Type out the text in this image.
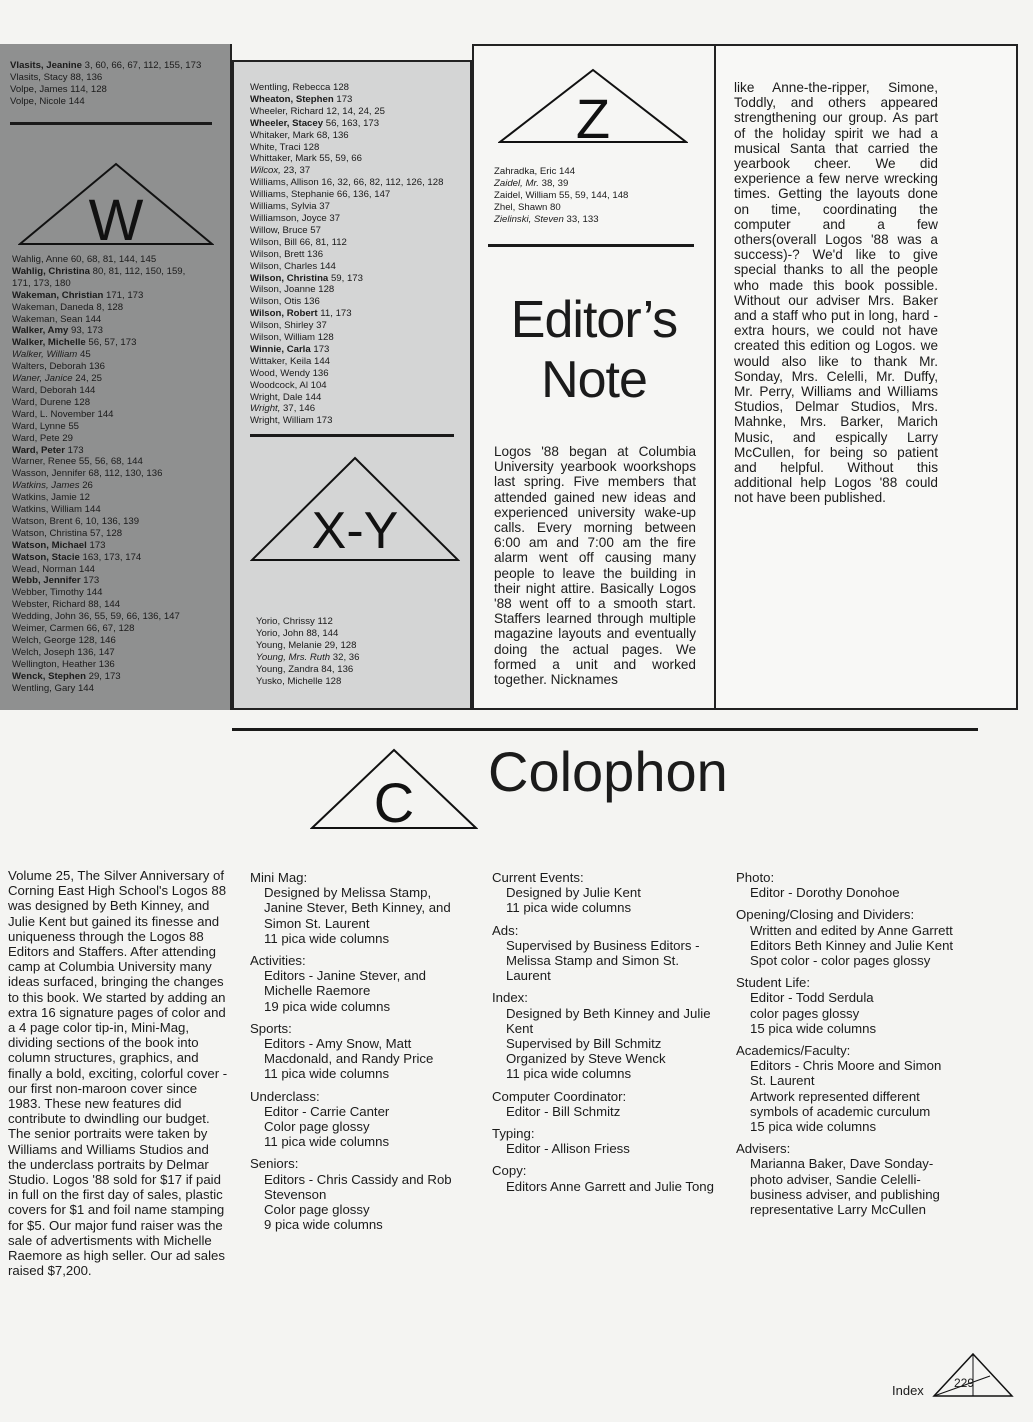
Vlasits, Jeanine 3, 60, 66, 67, 112, 155, 173
Vlasits, Stacy 88, 136
Volpe, James 114, 128
Volpe, Nicole 144
W
Wahlig, Anne 60, 68, 81, 144, 145
Wahlig, Christina 80, 81, 112, 150, 159,
171, 173, 180
Wakeman, Christian 171, 173
Wakeman, Daneda 8, 128
Wakeman, Sean 144
Walker, Amy 93, 173
Walker, Michelle 56, 57, 173
Walker, William 45
Walters, Deborah 136
Waner, Janice 24, 25
Ward, Deborah 144
Ward, Durene 128
Ward, L. November 144
Ward, Lynne 55
Ward, Pete 29
Ward, Peter 173
Warner, Renee 55, 56, 68, 144
Wasson, Jennifer 68, 112, 130, 136
Watkins, James 26
Watkins, Jamie 12
Watkins, William 144
Watson, Brent 6, 10, 136, 139
Watson, Christina 57, 128
Watson, Michael 173
Watson, Stacie 163, 173, 174
Wead, Norman 144
Webb, Jennifer 173
Webber, Timothy 144
Webster, Richard 88, 144
Wedding, John 36, 55, 59, 66, 136, 147
Weimer, Carmen 66, 67, 128
Welch, George 128, 146
Welch, Joseph 136, 147
Wellington, Heather 136
Wenck, Stephen 29, 173
Wentling, Gary 144
Wentling, Rebecca 128
Wheaton, Stephen 173
Wheeler, Richard 12, 14, 24, 25
Wheeler, Stacey 56, 163, 173
Whitaker, Mark 68, 136
White, Traci 128
Whittaker, Mark 55, 59, 66
Wilcox, 23, 37
Williams, Allison 16, 32, 66, 82, 112, 126, 128
Williams, Stephanie 66, 136, 147
Williams, Sylvia 37
Williamson, Joyce 37
Willow, Bruce 57
Wilson, Bill 66, 81, 112
Wilson, Brett 136
Wilson, Charles 144
Wilson, Christina 59, 173
Wilson, Joanne 128
Wilson, Otis 136
Wilson, Robert 11, 173
Wilson, Shirley 37
Wilson, William 128
Winnie, Carla 173
Wittaker, Keila 144
Wood, Wendy 136
Woodcock, Al 104
Wright, Dale 144
Wright, 37, 146
Wright, William 173
X-Y
Yorio, Chrissy 112
Yorio, John 88, 144
Young, Melanie 29, 128
Young, Mrs. Ruth 32, 36
Young, Zandra 84, 136
Yusko, Michelle 128
Z
Zahradka, Eric 144
Zaidel, Mr. 38, 39
Zaidel, William 55, 59, 144, 148
Zhel, Shawn 80
Zielinski, Steven 33, 133
Editor’s
Note

Logos '88 began at Columbia University yearbook woorkshops last spring. Five members that attended gained new ideas and experienced university wake-up calls. Every morning between 6:00 am and 7:00 am the fire alarm went off causing many people to leave the building in their night attire. Basically Logos '88 went off to a smooth start. Staffers learned through multiple magazine layouts and eventually doing the actual pages. We formed a unit and worked together. Nicknames

like Anne-the-ripper, Simone, Toddly, and others appeared strengthening our group. As part of the holiday spirit we had a musical Santa that carried the yearbook cheer. We did experience a few nerve wrecking times. Getting the layouts done on time, coordinating the computer and a few others(overall Logos '88 was a success)-? We'd like to give special thanks to all the people who made this book possible. Without our adviser Mrs. Baker and a staff who put in long, hard - extra hours, we could not have created this edition og Logos. we would also like to thank Mr. Sonday, Mrs. Celelli, Mr. Duffy, Mr. Perry, Williams and Williams Studios, Delmar Studios, Mrs. Mahnke, Mrs. Barker, Marich Music, and espically Larry McCullen, for being so patient and helpful. Without this additional help Logos '88 could not have been published.

C Colophon
Volume 25, The Silver Anniversary of Corning East High School's Logos 88 was designed by Beth Kinney, and Julie Kent but gained its finesse and uniqueness through the Logos 88 Editors and Staffers. After attending camp at Columbia University many ideas surfaced, bringing the changes to this book. We started by adding an extra 16 signature pages of color and a 4 page color tip-in, Mini-Mag, dividing sections of the book into column structures, graphics, and finally a bold, exciting, colorful cover - our first non-maroon cover since 1983. These new features did contribute to dwindling our budget. The senior portraits were taken by Williams and Williams Studios and the underclass portraits by Delmar Studio. Logos '88 sold for $17 if paid in full on the first day of sales, plastic covers for $1 and foil name stamping for $5. Our major fund raiser was the sale of advertisments with Michelle Raemore as high seller. Our ad sales raised $7,200.
Mini Mag:
Designed by Melissa Stamp, Janine Stever, Beth Kinney, and Simon St. Laurent
11 pica wide columns
Activities:
Editors - Janine Stever, and Michelle Raemore
19 pica wide columns
Sports:
Editors - Amy Snow, Matt Macdonald, and Randy Price
11 pica wide columns
Underclass:
Editor - Carrie Canter
Color page glossy
11 pica wide columns
Seniors:
Editors - Chris Cassidy and Rob Stevenson
Color page glossy
9 pica wide columns
Current Events:
Designed by Julie Kent
11 pica wide columns
Ads:
Supervised by Business Editors - Melissa Stamp and Simon St. Laurent
Index:
Designed by Beth Kinney and Julie Kent
Supervised by Bill Schmitz
Organized by Steve Wenck
11 pica wide columns
Computer Coordinator:
Editor - Bill Schmitz
Typing:
Editor - Allison Friess
Copy:
Editors Anne Garrett and Julie Tong
Photo:
Editor - Dorothy Donohoe
Opening/Closing and Dividers:
Written and edited by Anne Garrett
Editors Beth Kinney and Julie Kent
Spot color - color pages glossy
Student Life:
Editor - Todd Serdula
color pages glossy
15 pica wide columns
Academics/Faculty:
Editors - Chris Moore and Simon St. Laurent
Artwork represented different symbols of academic curculum
15 pica wide columns
Advisers:
Marianna Baker, Dave Sonday-photo adviser, Sandie Celelli-business adviser, and publishing representative Larry McCullen
Index	229
